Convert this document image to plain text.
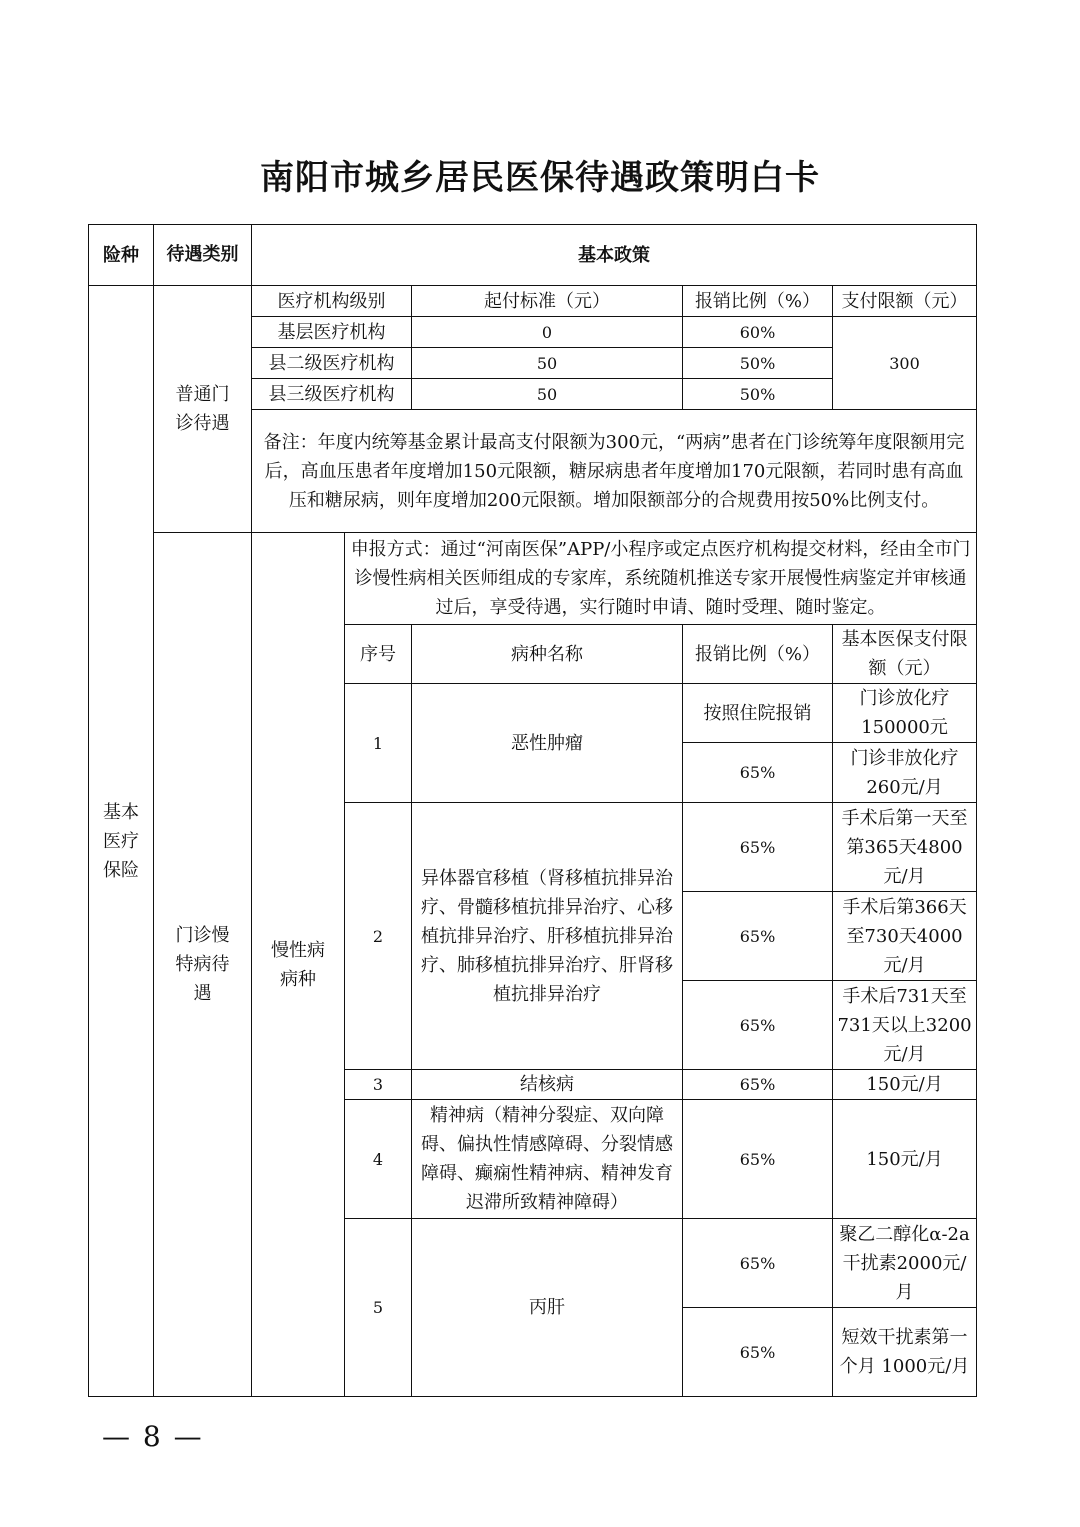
南阳市城乡居民医保待遇政策明白卡
险种	待遇类别	基本政策				
基本医疗保险	普通门诊待遇	医疗机构级别		起付标准（元）	报销比例（%）	支付限额（元）
		基层医疗机构		0	60%	300
		县二级医疗机构		50	50%	
		县三级医疗机构		50	50%	
		备注：年度内统筹基金累计最高支付限额为300元，“两病”患者在门诊统筹年度限额用完后，高血压患者年度增加150元限额，糖尿病患者年度增加170元限额，若同时患有高血压和糖尿病，则年度增加200元限额。增加限额部分的合规费用按50%比例支付。				
	门诊慢特病待遇	慢性病病种	申报方式：通过“河南医保”APP/小程序或定点医疗机构提交材料，经由全市门诊慢性病相关医师组成的专家库，系统随机推送专家开展慢性病鉴定并审核通过后，享受待遇，实行随时申请、随时受理、随时鉴定。			
			序号	病种名称	报销比例（%）	基本医保支付限额（元）
			1	恶性肿瘤	按照住院报销	门诊放化疗150000元
					65%	门诊非放化疗260元/月
			2	异体器官移植（肾移植抗排异治疗、骨髓移植抗排异治疗、心移植抗排异治疗、肝移植抗排异治疗、肺移植抗排异治疗、肝肾移植抗排异治疗	65%	手术后第一天至第365天4800元/月
					65%	手术后第366天至730天4000元/月
					65%	手术后731天至731天以上3200元/月
			3	结核病	65%	150元/月
			4	精神病（精神分裂症、双向障碍、偏执性情感障碍、分裂情感障碍、癫痫性精神病、精神发育迟滞所致精神障碍）	65%	150元/月
			5	丙肝	65%	聚乙二醇化α-2a干扰素2000元/月
					65%	短效干扰素第一个月 1000元/月
— 8 —
